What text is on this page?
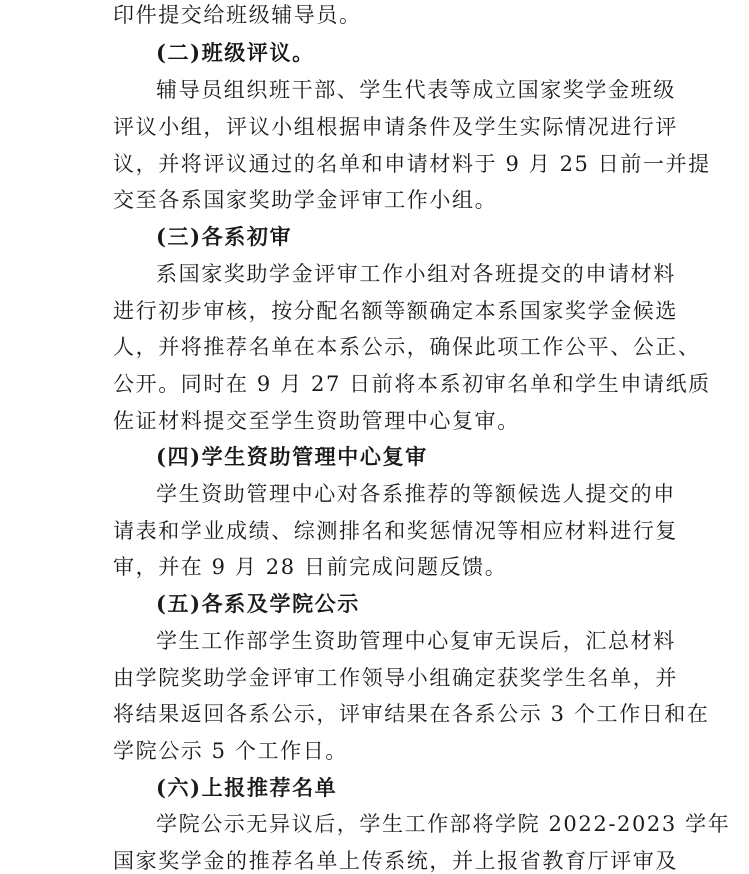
印件提交给班级辅导员。
(二)班级评议。
辅导员组织班干部、学生代表等成立国家奖学金班级
评议小组，评议小组根据申请条件及学生实际情况进行评
议，并将评议通过的名单和申请材料于 9 月 25 日前一并提
交至各系国家奖助学金评审工作小组。
(三)各系初审
系国家奖助学金评审工作小组对各班提交的申请材料
进行初步审核，按分配名额等额确定本系国家奖学金候选
人，并将推荐名单在本系公示，确保此项工作公平、公正、
公开。同时在 9 月 27 日前将本系初审名单和学生申请纸质
佐证材料提交至学生资助管理中心复审。
(四)学生资助管理中心复审
学生资助管理中心对各系推荐的等额候选人提交的申
请表和学业成绩、综测排名和奖惩情况等相应材料进行复
审，并在 9 月 28 日前完成问题反馈。
(五)各系及学院公示
学生工作部学生资助管理中心复审无误后，汇总材料
由学院奖助学金评审工作领导小组确定获奖学生名单，并
将结果返回各系公示，评审结果在各系公示 3 个工作日和在
学院公示 5 个工作日。
(六)上报推荐名单
学院公示无异议后，学生工作部将学院 2022-2023 学年
国家奖学金的推荐名单上传系统，并上报省教育厅评审及
